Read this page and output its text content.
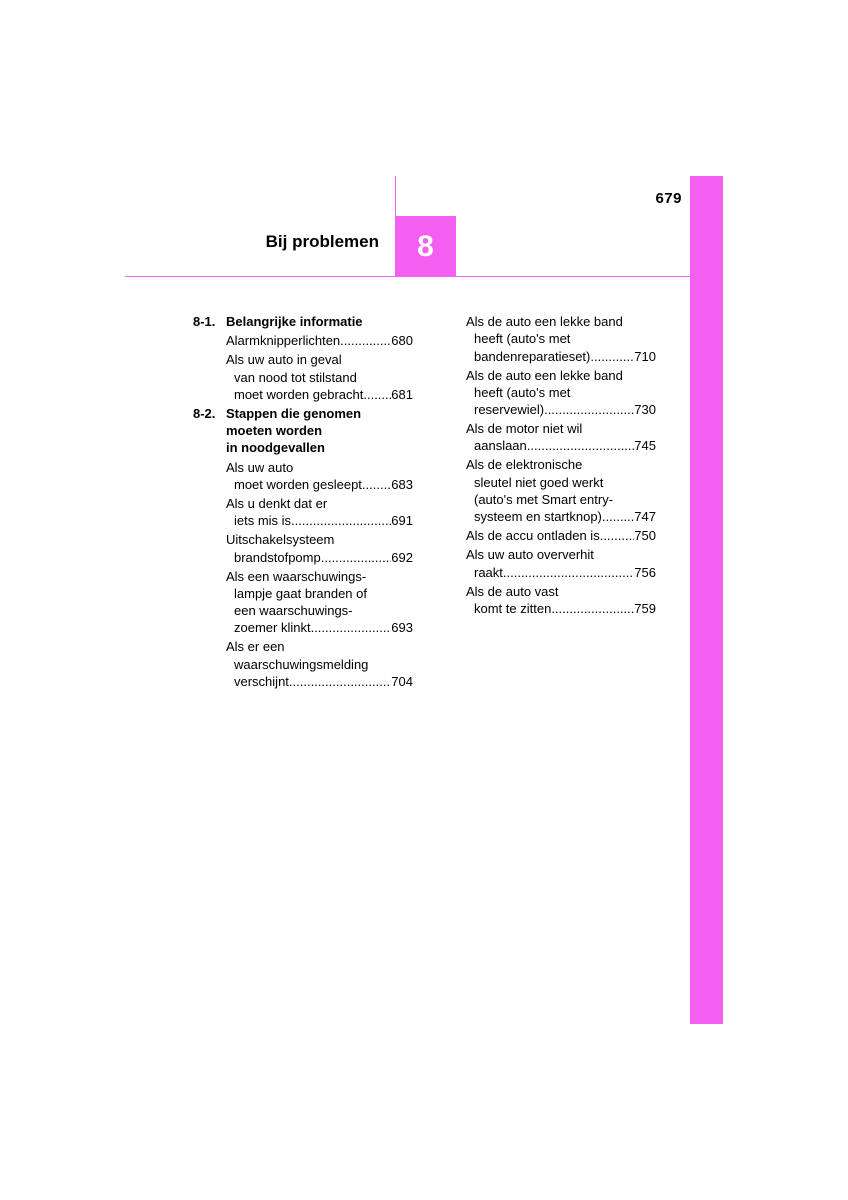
679
Bij problemen	8
8-1. Belangrijke informatie
Alarmknipperlichten .....	680
Als uw auto in geval
van nood tot stilstand
moet worden gebracht ..... 681
8-2. Stappen die genomen
moeten worden
in noodgevallen
Als uw auto
moet worden gesleept ..... 683
Als u denkt dat er
iets mis is .....	691
Uitschakelsysteem
brandstofpomp .....	692
Als een waarschuwings-
lampje gaat branden of
een waarschuwings-
zoemer klinkt .....	693
Als er een
waarschuwingsmelding
verschijnt .....	704
Als de auto een lekke band
heeft (auto's met
bandenreparatieset) .....	710
Als de auto een lekke band
heeft (auto's met
reservewiel) .....	730
Als de motor niet wil
aanslaan .....	745
Als de elektronische
sleutel niet goed werkt
(auto's met Smart entry-
systeem en startknop) ..... 747
Als de accu ontladen is .....	750
Als uw auto oververhit
raakt .....	756
Als de auto vast
komt te zitten .....	759
